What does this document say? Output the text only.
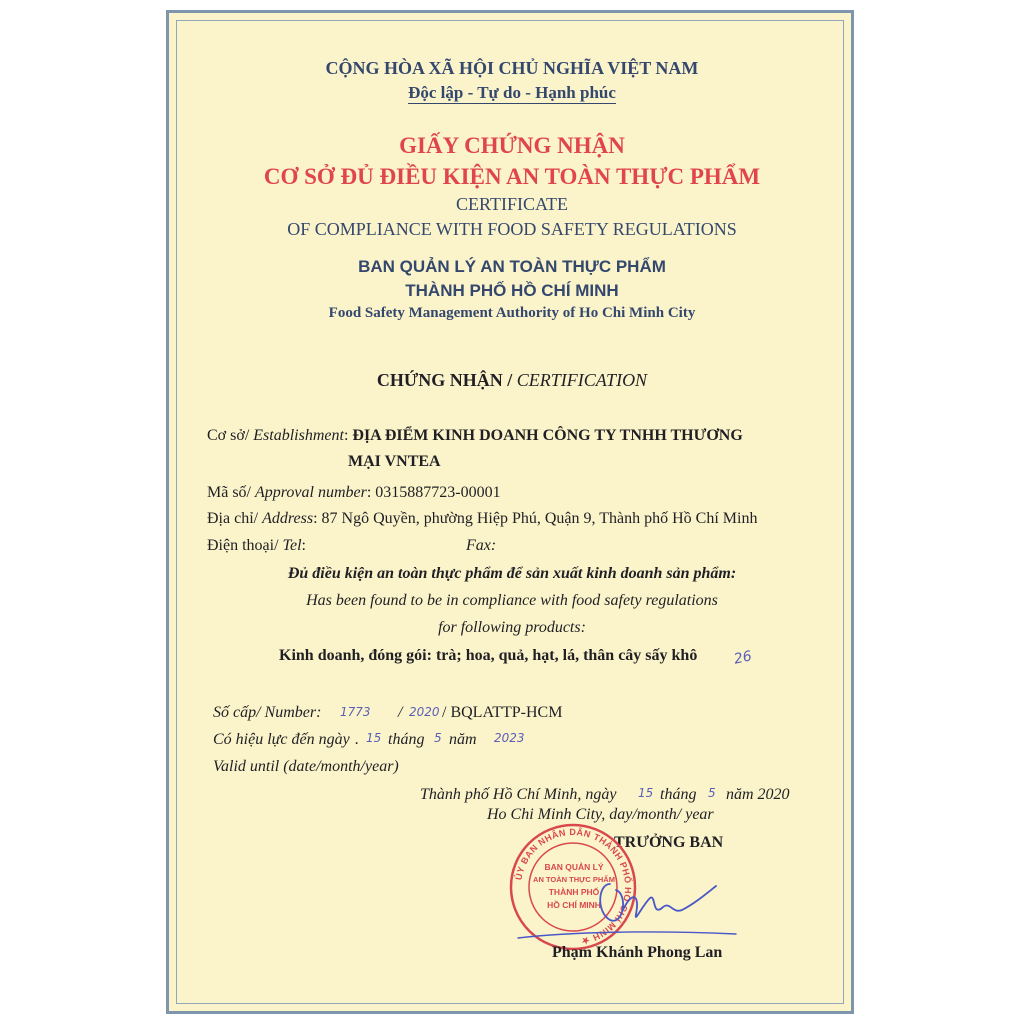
CỘNG HÒA XÃ HỘI CHỦ NGHĨA VIỆT NAM
Độc lập - Tự do - Hạnh phúc
GIẤY CHỨNG NHẬN
CƠ SỞ ĐỦ ĐIỀU KIỆN AN TOÀN THỰC PHẨM
CERTIFICATE
OF COMPLIANCE WITH FOOD SAFETY REGULATIONS
BAN QUẢN LÝ AN TOÀN THỰC PHẨM
THÀNH PHỐ HỒ CHÍ MINH
Food Safety Management Authority of Ho Chi Minh City
CHỨNG NHẬN / CERTIFICATION
Cơ sở/ Establishment: ĐỊA ĐIỂM KINH DOANH CÔNG TY TNHH THƯƠNG
MẠI VNTEA
Mã số/ Approval number: 0315887723-00001
Địa chỉ/ Address: 87 Ngô Quyền, phường Hiệp Phú, Quận 9, Thành phố Hồ Chí Minh
Điện thoại/ Tel:	Fax:
Đủ điều kiện an toàn thực phẩm để sản xuất kinh doanh sản phẩm:
Has been found to be in compliance with food safety regulations
for following products:
Kinh doanh, đóng gói: trà; hoa, quả, hạt, lá, thân cây sấy khô	26
Số cấp/ Number: 1773 / 2020 / BQLATTP-HCM
Có hiệu lực đến ngày . 15 tháng 5 năm 2023
Valid until (date/month/year)
Thành phố Hồ Chí Minh, ngày 15 tháng 5 năm 2020
Ho Chi Minh City, day/month/ year
TRƯỞNG BAN
ỦY BAN NHÂN DÂN THÀNH PHỐ HỒ CHÍ MINH ★
BAN QUẢN LÝ
AN TOÀN THỰC PHẨM
THÀNH PHỐ
HỒ CHÍ MINH
Phạm Khánh Phong Lan
